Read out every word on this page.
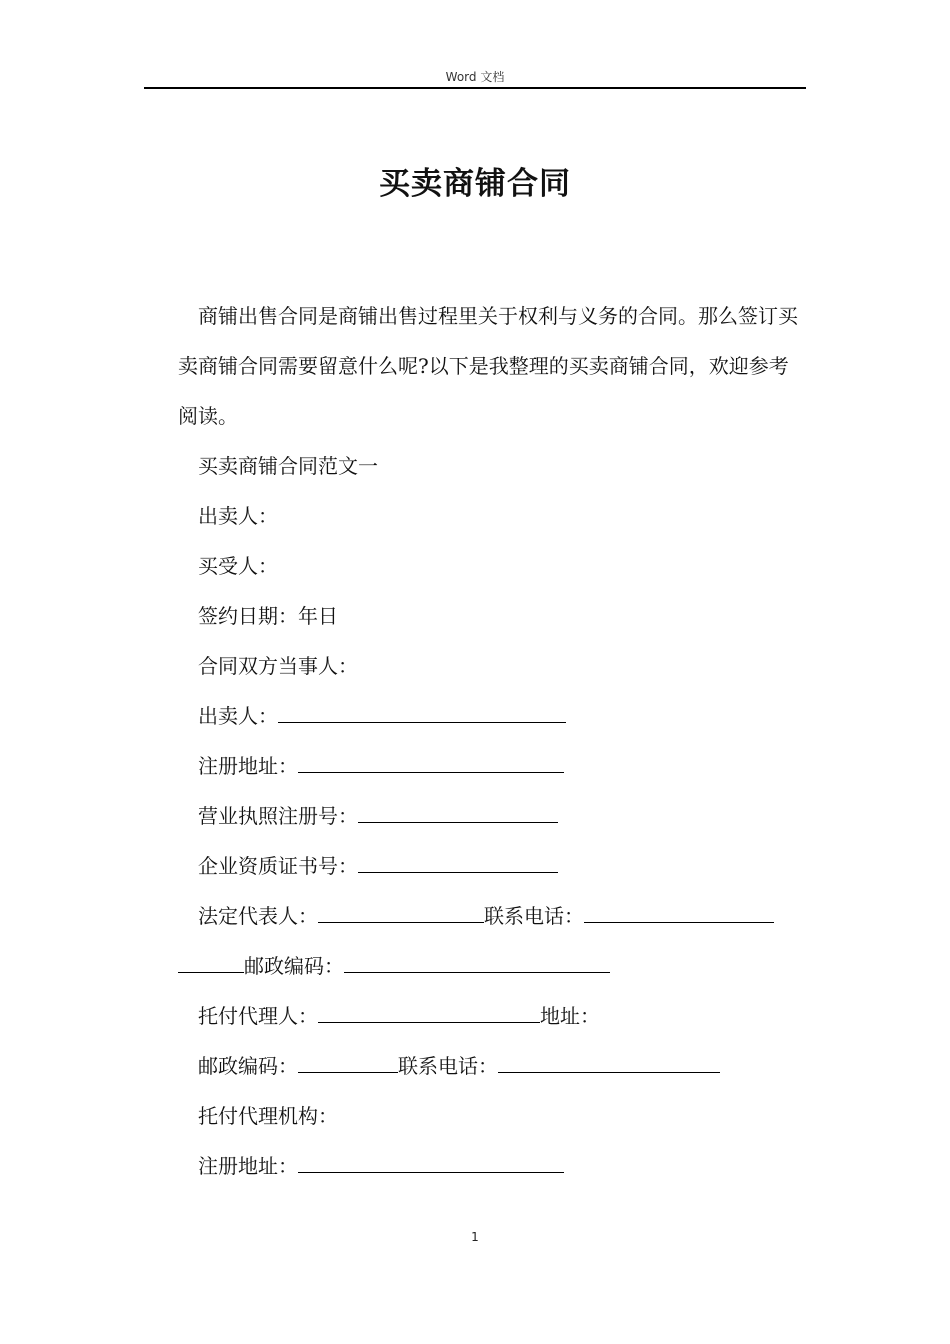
Word 文档
买卖商铺合同

商铺出售合同是商铺出售过程里关于权利与义务的合同。那么签订买卖商铺合同需要留意什么呢?以下是我整理的买卖商铺合同，欢迎参考阅读。

买卖商铺合同范文一
出卖人：
买受人：
签约日期：年日
合同双方当事人：
出卖人：
注册地址：
营业执照注册号：
企业资质证书号：
法定代表人：	联系电话：
邮政编码：
托付代理人：	地址：
邮政编码：	联系电话：
托付代理机构：
注册地址：
1
